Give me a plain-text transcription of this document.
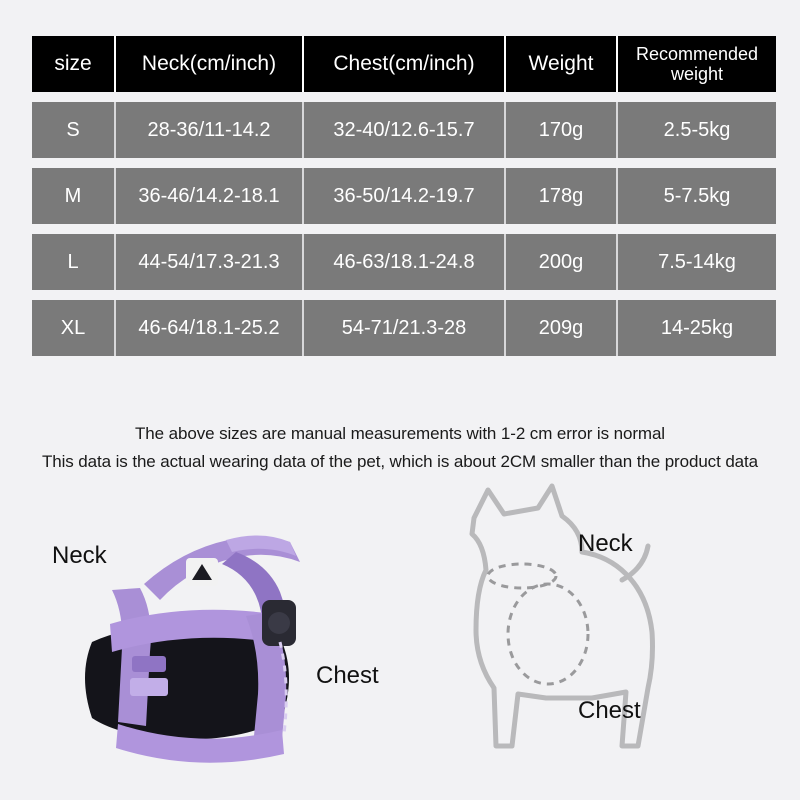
size	Neck(cm/inch)	Chest(cm/inch)	Weight	Recommended
weight

S	28-36/11-14.2	32-40/12.6-15.7	170g	2.5-5kg
M	36-46/14.2-18.1	36-50/14.2-19.7	178g	5-7.5kg
L	44-54/17.3-21.3	46-63/18.1-24.8	200g	7.5-14kg
XL	46-64/18.1-25.2	54-71/21.3-28	209g	14-25kg
The above sizes are manual measurements with 1-2 cm error is normal
This data is the actual wearing data of the pet, which is about 2CM smaller than the product data
Neck
Chest
Neck
Chest
